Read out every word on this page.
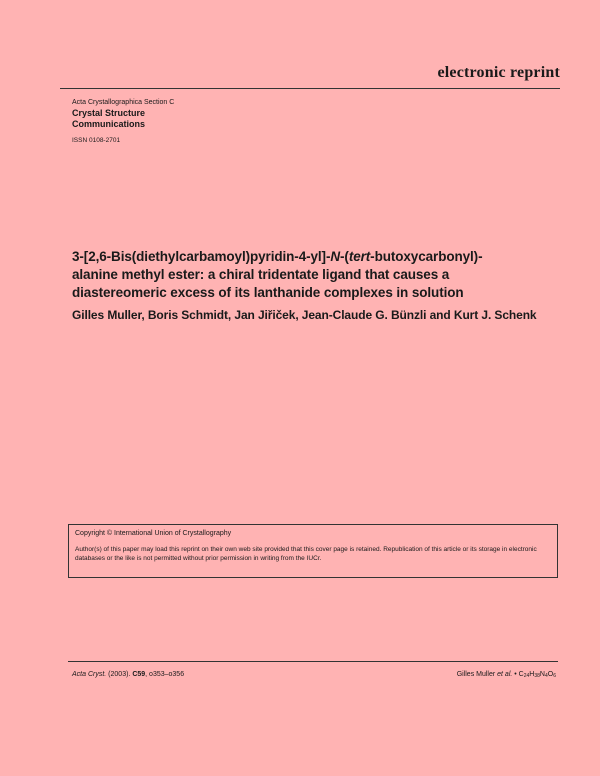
electronic reprint
Acta Crystallographica Section C
Crystal Structure
Communications
ISSN 0108-2701
3-[2,6-Bis(diethylcarbamoyl)pyridin-4-yl]-N-(tert-butoxycarbonyl)-
alanine methyl ester: a chiral tridentate ligand that causes a
diastereomeric excess of its lanthanide complexes in solution
Gilles Muller, Boris Schmidt, Jan Jiřiček, Jean-Claude G. Bünzli and Kurt J. Schenk
Copyright © International Union of Crystallography
Author(s) of this paper may load this reprint on their own web site provided that this cover page is retained. Republication of this article or its storage in electronic databases or the like is not permitted without prior permission in writing from the IUCr.
Acta Cryst. (2003). C59, o353–o356	Gilles Muller et al. • $C_{24}H_{38}N_4O_6$
